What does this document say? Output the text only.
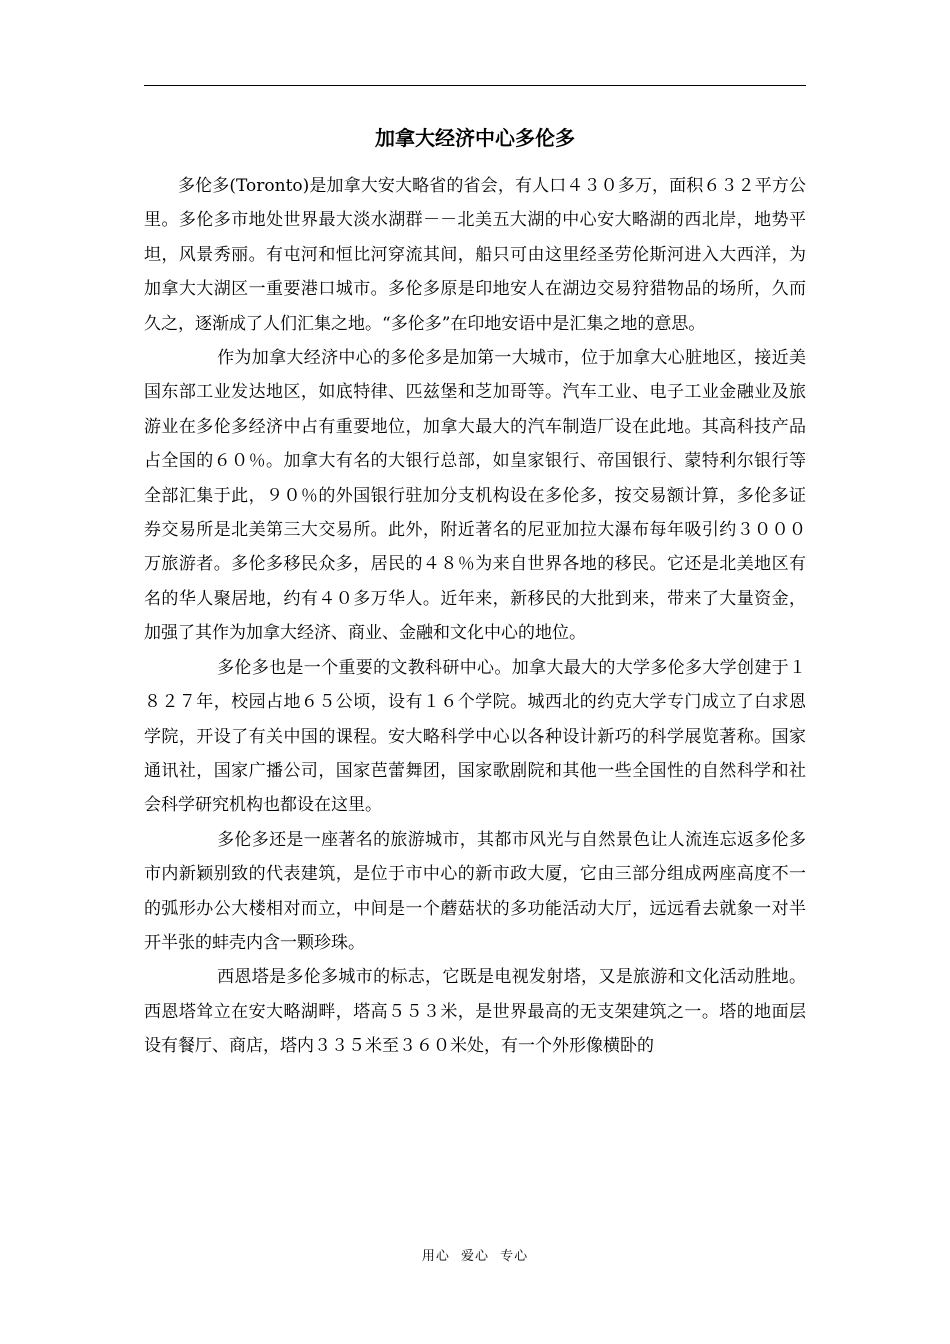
加拿大经济中心多伦多

多伦多(Toronto)是加拿大安大略省的省会，有人口４３０多万，面积６３２平方公里。多伦多市地处世界最大淡水湖群－－北美五大湖的中心安大略湖的西北岸，地势平坦，风景秀丽。有屯河和恒比河穿流其间，船只可由这里经圣劳伦斯河进入大西洋，为加拿大大湖区一重要港口城市。多伦多原是印地安人在湖边交易狩猎物品的场所，久而久之，逐渐成了人们汇集之地。“多伦多”在印地安语中是汇集之地的意思。

作为加拿大经济中心的多伦多是加第一大城市，位于加拿大心脏地区，接近美国东部工业发达地区，如底特律、匹兹堡和芝加哥等。汽车工业、电子工业金融业及旅游业在多伦多经济中占有重要地位，加拿大最大的汽车制造厂设在此地。其高科技产品占全国的６０％。加拿大有名的大银行总部，如皇家银行、帝国银行、蒙特利尔银行等全部汇集于此，９０％的外国银行驻加分支机构设在多伦多，按交易额计算，多伦多证券交易所是北美第三大交易所。此外，附近著名的尼亚加拉大瀑布每年吸引约３０００万旅游者。多伦多移民众多，居民的４８％为来自世界各地的移民。它还是北美地区有名的华人聚居地，约有４０多万华人。近年来，新移民的大批到来，带来了大量资金，加强了其作为加拿大经济、商业、金融和文化中心的地位。

多伦多也是一个重要的文教科研中心。加拿大最大的大学多伦多大学创建于１８２７年，校园占地６５公顷，设有１６个学院。城西北的约克大学专门成立了白求恩学院，开设了有关中国的课程。安大略科学中心以各种设计新巧的科学展览著称。国家通讯社，国家广播公司，国家芭蕾舞团，国家歌剧院和其他一些全国性的自然科学和社会科学研究机构也都设在这里。

多伦多还是一座著名的旅游城市，其都市风光与自然景色让人流连忘返多伦多市内新颖别致的代表建筑，是位于市中心的新市政大厦，它由三部分组成两座高度不一的弧形办公大楼相对而立，中间是一个蘑菇状的多功能活动大厅，远远看去就象一对半开半张的蚌壳内含一颗珍珠。

西恩塔是多伦多城市的标志，它既是电视发射塔，又是旅游和文化活动胜地。西恩塔耸立在安大略湖畔，塔高５５３米，是世界最高的无支架建筑之一。塔的地面层设有餐厅、商店，塔内３３５米至３６０米处，有一个外形像横卧的

用心 爱心 专心
